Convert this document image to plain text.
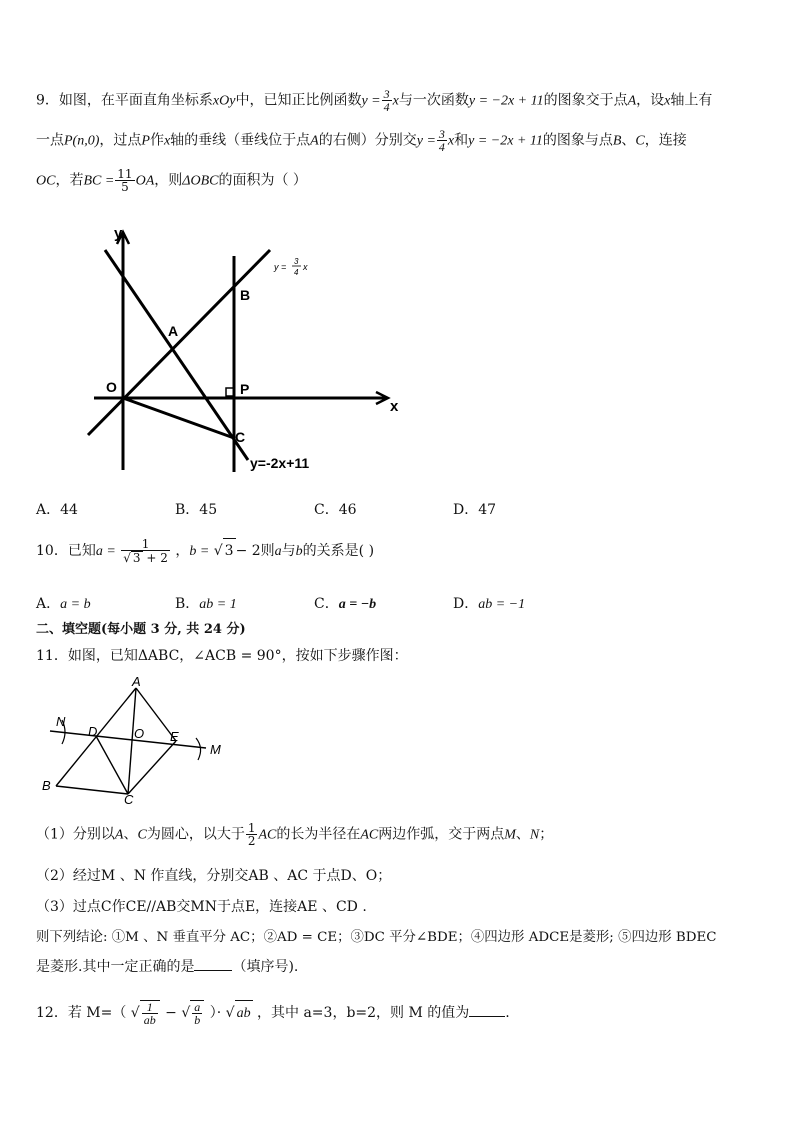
9．如图，在平面直角坐标系xOy中，已知正比例函数$y = \frac{3}{4}$ x与一次函数y = −2x + 11的图象交于点A，设x轴上有
一点P(n,0)，过点P作x轴的垂线（垂线位于点A的右侧）分别交$y = \frac{3}{4}$ x和y = −2x + 11的图象与点B、C，连接
OC，若BC = $\frac{11}{5}$ OA，则ΔOBC的面积为（ ）
y
x
O
A
B
P
C
y=-2x+11
y =
3
4
x
A．44	B．45	C．46	D．47
10．已知$a = \frac{1}{√ 3 + 2}$ ，b = √ 3 − 2则a与b的关系是( )
A．a = b	B．ab = 1	C．a = −b	D．ab = −1
二、填空题(每小题 3 分, 共 24 分)
11．如图，已知ΔABC，∠ACB = 90°，按如下步骤作图：
A
N
D	O E
M
B
C
（1）分别以A、C为圆心，以大于 $\frac{1}{2}$ AC的长为半径在AC两边作弧，交于两点M、N；
（2）经过M 、N 作直线，分别交AB 、AC 于点D、O；
（3）过点C作CE//AB交MN于点E，连接AE 、CD .
则下列结论: ①M 、N 垂直平分 AC；②AD = CE；③DC 平分∠BDE；④四边形 ADCE是菱形; ⑤四边形 BDEC
是菱形.其中一定正确的是	（填序号).
12．若 M=（ √ $\frac{1}{ab}$ − √ $\frac{a}{b}$ ）· √ ab ，其中 a=3，b=2，则 M 的值为	.
